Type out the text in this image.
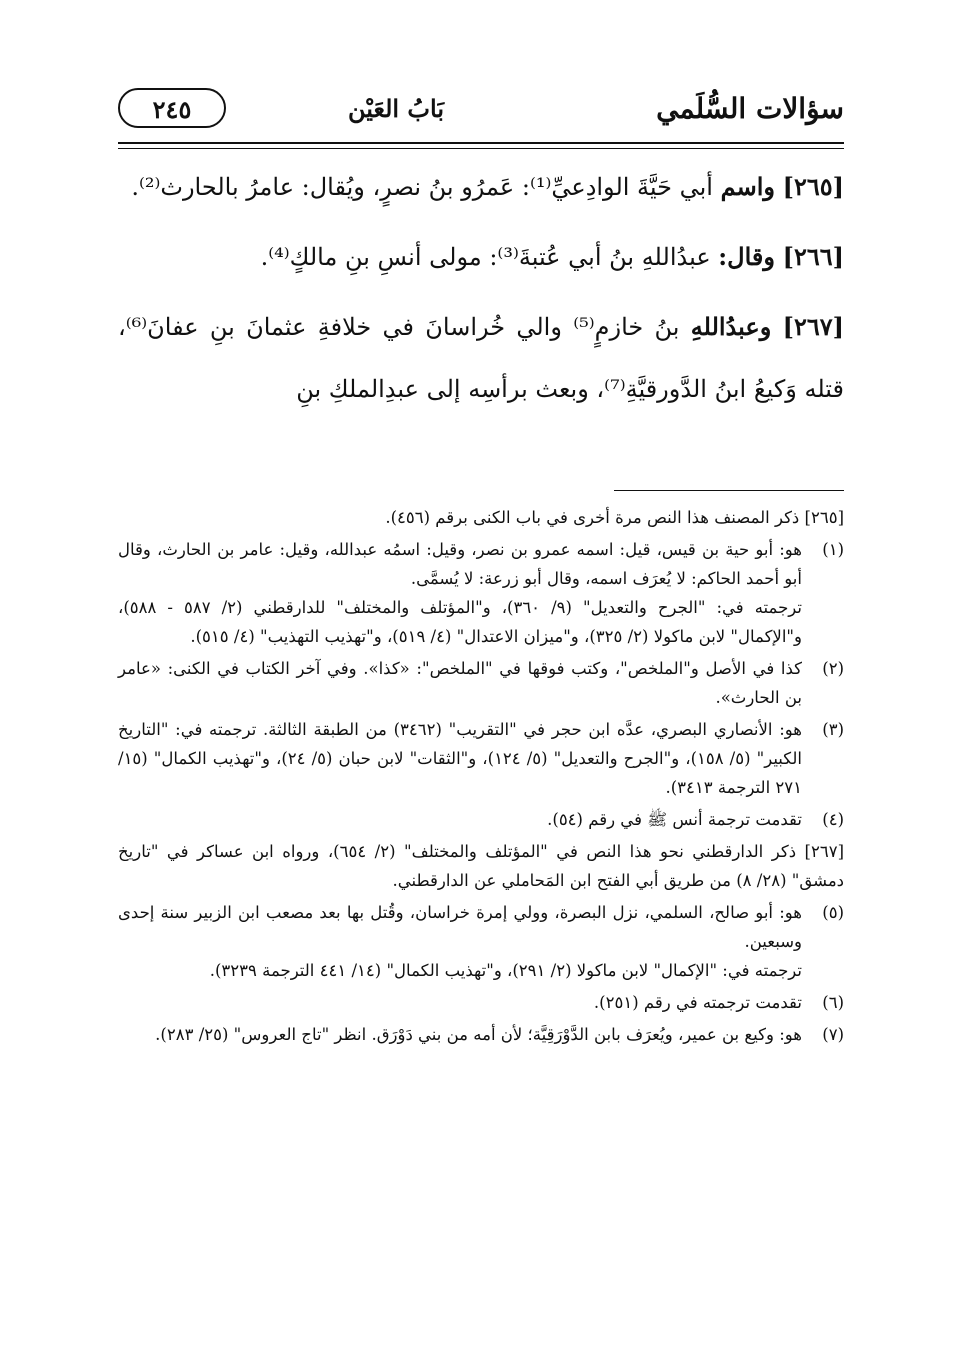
سؤالات السُّلَمي
بَابُ العَيْن
٢٤٥

[٢٦٥] واسم أبي حَيَّةَ الوادِعيِّ⁽¹⁾: عَمرُو بنُ نصرٍ، ويُقال: عامرُ بالحارث⁽²⁾.

[٢٦٦] وقال: عبدُاللهِ بنُ أبي عُتبةَ⁽³⁾: مولى أنسِ بنِ مالكٍ⁽⁴⁾.

[٢٦٧] وعبدُاللهِ بنُ خازمٍ⁽⁵⁾ والي خُراسانَ في خلافةِ عثمانَ بنِ عفانَ⁽⁶⁾، قتله وَكيعُ ابنُ الدَّورقيَّةِ⁽⁷⁾، وبعث برأسِه إلى عبدِالملكِ بنِ

[٢٦٥] ذكر المصنف هذا النص مرة أخرى في باب الكنى برقم (٤٥٦).

(١)

هو: أبو حية بن قيس، قيل: اسمه عمرو بن نصر، وقيل: اسمُه عبدالله، وقيل: عامر بن الحارث، وقال أبو أحمد الحاكم: لا يُعرَف اسمه، وقال أبو زرعة: لا يُسمَّى.

ترجمته في: "الجرح والتعديل" (٩/ ٣٦٠)، و"المؤتلف والمختلف" للدارقطني (٢/ ٥٨٧ - ٥٨٨)، و"الإكمال" لابن ماكولا (٢/ ٣٢٥)، و"ميزان الاعتدال" (٤/ ٥١٩)، و"تهذيب التهذيب" (٤/ ٥١٥).

(٢)

كذا في الأصل و"الملخص"، وكتب فوقها في "الملخص": «كذا». وفي آخر الكتاب في الكنى: «عامر بن الحارث».

(٣)

هو: الأنصاري البصري، عدَّه ابن حجر في "التقريب" (٣٤٦٢) من الطبقة الثالثة. ترجمته في: "التاريخ الكبير" (٥/ ١٥٨)، و"الجرح والتعديل" (٥/ ١٢٤)، و"الثقات" لابن حبان (٥/ ٢٤)، و"تهذيب الكمال" (١٥/ ٢٧١ الترجمة ٣٤١٣).

(٤)

تقدمت ترجمة أنس ﷺ في رقم (٥٤).

[٢٦٧] ذكر الدارقطني نحو هذا النص في "المؤتلف والمختلف" (٢/ ٦٥٤)، ورواه ابن عساكر في "تاريخ دمشق" (٢٨/ ٨) من طريق أبي الفتح ابن المَحاملي عن الدارقطني.

(٥)

هو: أبو صالح، السلمي، نزل البصرة، وولي إمرة خراسان، وقُتل بها بعد مصعب ابن الزبير سنة إحدى وسبعين.

ترجمته في: "الإكمال" لابن ماكولا (٢/ ٢٩١)، و"تهذيب الكمال" (١٤/ ٤٤١ الترجمة ٣٢٣٩).

(٦)

تقدمت ترجمته في رقم (٢٥١).

(٧)

هو: وكيع بن عمير، ويُعرَف بابن الدَّوْرَقِيَّة؛ لأن أمه من بني دَوْرَق. انظر "تاج العروس" (٢٥/ ٢٨٣).
